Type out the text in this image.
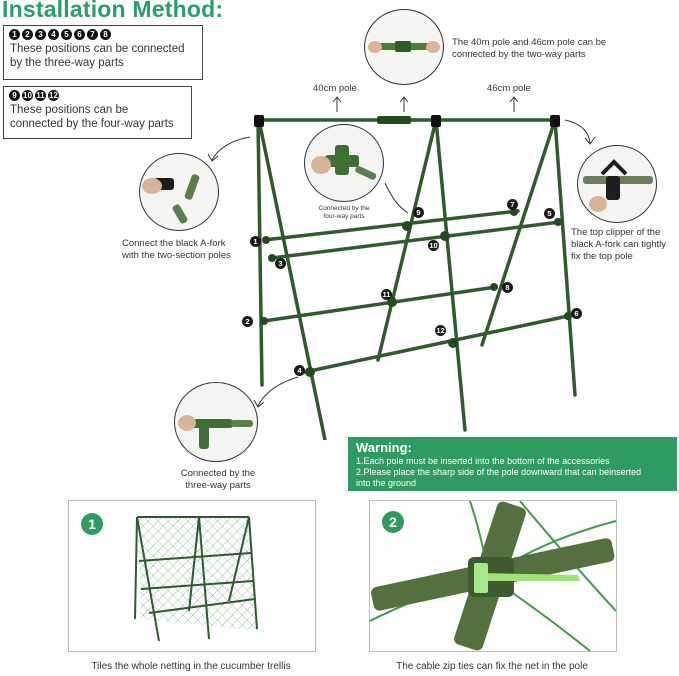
Installation Method:
1	2	3	4	5	6	7	8
These positions can be connected
by the three-way parts
9 10 11 12
These positions can be
connected by the four-way parts
The 40m pole and 46cm pole can be
connected by the two-way parts
40cm pole	46cm pole
1
2
3
4
5
6
7
8
9
10
11
12
Connect the black A-fork
with the two-section poles
Connected by the four-way parts
The top clipper of the
black A-fork can tightly
fix the top pole
Connected by the
three-way parts
Warning:
1.Each pole must be inserted into the bottom of the accessories
2.Please place the sharp side of the pole downward that can beinserted
into the ground
1
Tiles the whole netting in the cucumber trellis
2
The cable zip ties can fix the net in the pole
